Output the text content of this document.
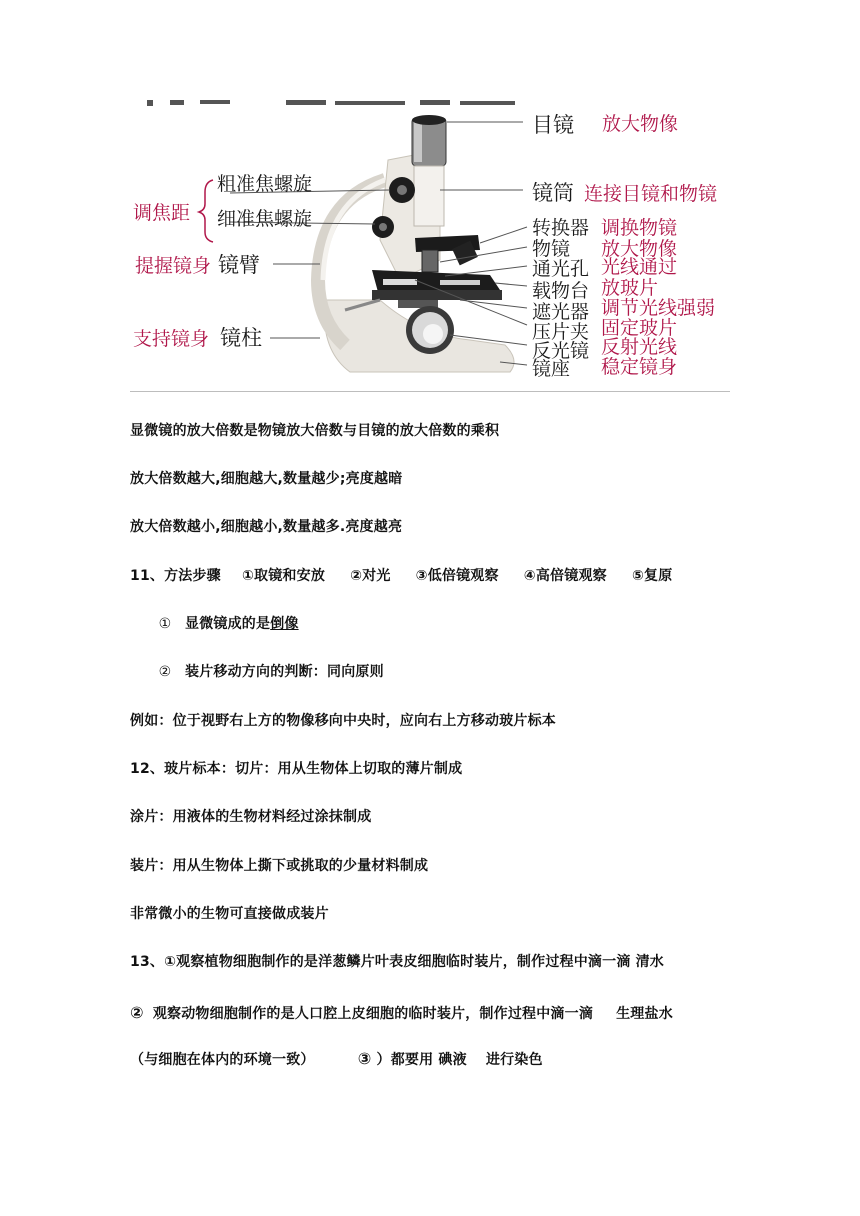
调焦距
粗准焦螺旋
细准焦螺旋
提握镜身 镜臂
支持镜身 镜柱
目镜 放大物像
镜筒 连接目镜和物镜
转换器 调换物镜
物镜 放大物像
通光孔 光线通过
载物台 放玻片
遮光器 调节光线强弱
压片夹 固定玻片
反光镜 反射光线
镜座 稳定镜身
显微镜的放大倍数是物镜放大倍数与目镜的放大倍数的乘积
放大倍数越大,细胞越大,数量越少;亮度越暗
放大倍数越小,细胞越小,数量越多.亮度越亮
11、方法步骤 ①取镜和安放 ②对光 ③低倍镜观察 ④高倍镜观察 ⑤复原
① 显微镜成的是倒像
② 装片移动方向的判断：同向原则
例如：位于视野右上方的物像移向中央时，应向右上方移动玻片标本
12、玻片标本：切片：用从生物体上切取的薄片制成
涂片：用液体的生物材料经过涂抹制成
装片：用从生物体上撕下或挑取的少量材料制成
非常微小的生物可直接做成装片
13、①观察植物细胞制作的是洋葱鳞片叶表皮细胞临时装片，制作过程中滴一滴 清水
② 观察动物细胞制作的是人口腔上皮细胞的临时装片，制作过程中滴一滴 生理盐水
（与细胞在体内的环境一致）	③ ）都要用 碘液 进行染色
